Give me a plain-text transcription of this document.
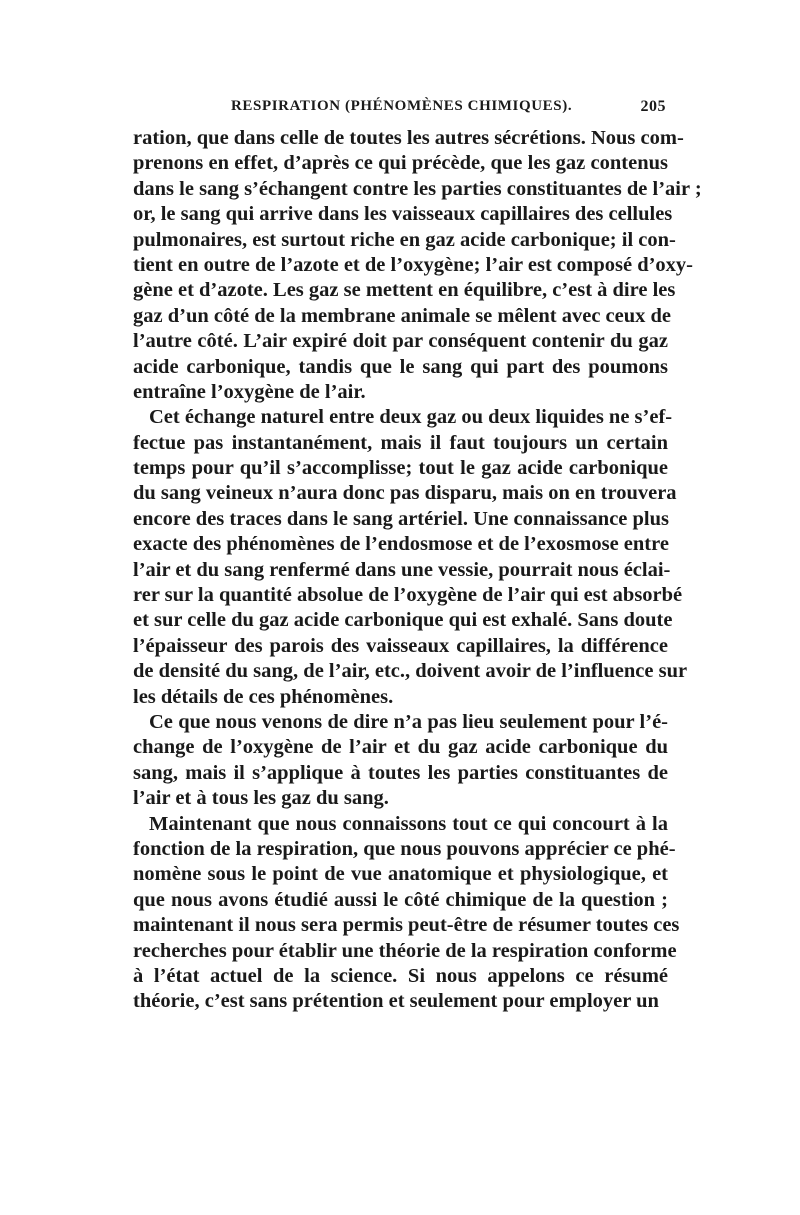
RESPIRATION (PHÉNOMÈNES CHIMIQUES).	205
ration, que dans celle de toutes les autres sécrétions. Nous com-
prenons en effet, d’après ce qui précède, que les gaz contenus
dans le sang s’échangent contre les parties constituantes de l’air ;
or, le sang qui arrive dans les vaisseaux capillaires des cellules
pulmonaires, est surtout riche en gaz acide carbonique; il con-
tient en outre de l’azote et de l’oxygène; l’air est composé d’oxy-
gène et d’azote. Les gaz se mettent en équilibre, c’est à dire les
gaz d’un côté de la membrane animale se mêlent avec ceux de
l’autre côté. L’air expiré doit par conséquent contenir du gaz
acide carbonique, tandis que le sang qui part des poumons
entraîne l’oxygène de l’air.
Cet échange naturel entre deux gaz ou deux liquides ne s’ef-
fectue pas instantanément, mais il faut toujours un certain
temps pour qu’il s’accomplisse; tout le gaz acide carbonique
du sang veineux n’aura donc pas disparu, mais on en trouvera
encore des traces dans le sang artériel. Une connaissance plus
exacte des phénomènes de l’endosmose et de l’exosmose entre
l’air et du sang renfermé dans une vessie, pourrait nous éclai-
rer sur la quantité absolue de l’oxygène de l’air qui est absorbé
et sur celle du gaz acide carbonique qui est exhalé. Sans doute
l’épaisseur des parois des vaisseaux capillaires, la différence
de densité du sang, de l’air, etc., doivent avoir de l’influence sur
les détails de ces phénomènes.
Ce que nous venons de dire n’a pas lieu seulement pour l’é-
change de l’oxygène de l’air et du gaz acide carbonique du
sang, mais il s’applique à toutes les parties constituantes de
l’air et à tous les gaz du sang.
Maintenant que nous connaissons tout ce qui concourt à la
fonction de la respiration, que nous pouvons apprécier ce phé-
nomène sous le point de vue anatomique et physiologique, et
que nous avons étudié aussi le côté chimique de la question ;
maintenant il nous sera permis peut-être de résumer toutes ces
recherches pour établir une théorie de la respiration conforme
à l’état actuel de la science. Si nous appelons ce résumé
théorie, c’est sans prétention et seulement pour employer un
